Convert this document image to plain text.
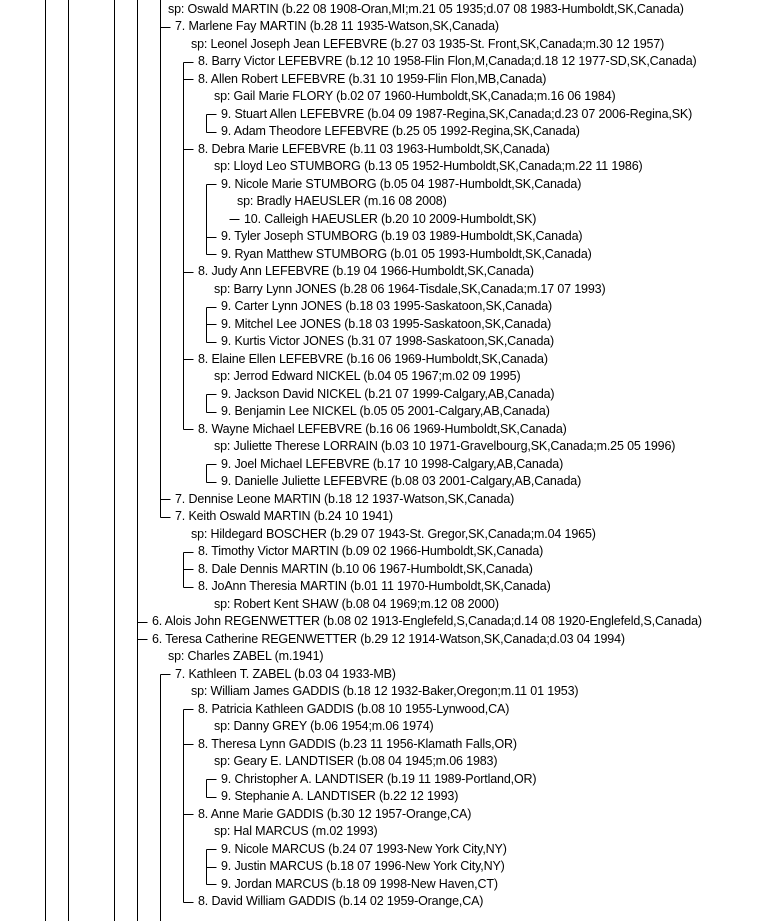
sp: Oswald MARTIN (b.22 08 1908-Oran,MI;m.21 05 1935;d.07 08 1983-Humboldt,SK,Canada)
7. Marlene Fay MARTIN (b.28 11 1935-Watson,SK,Canada)
sp: Leonel Joseph Jean LEFEBVRE (b.27 03 1935-St. Front,SK,Canada;m.30 12 1957)
8. Barry Victor LEFEBVRE (b.12 10 1958-Flin Flon,M,Canada;d.18 12 1977-SD,SK,Canada)
8. Allen Robert LEFEBVRE (b.31 10 1959-Flin Flon,MB,Canada)
sp: Gail Marie FLORY (b.02 07 1960-Humboldt,SK,Canada;m.16 06 1984)
9. Stuart Allen LEFEBVRE (b.04 09 1987-Regina,SK,Canada;d.23 07 2006-Regina,SK)
9. Adam Theodore LEFEBVRE (b.25 05 1992-Regina,SK,Canada)
8. Debra Marie LEFEBVRE (b.11 03 1963-Humboldt,SK,Canada)
sp: Lloyd Leo STUMBORG (b.13 05 1952-Humboldt,SK,Canada;m.22 11 1986)
9. Nicole Marie STUMBORG (b.05 04 1987-Humboldt,SK,Canada)
sp: Bradly HAEUSLER (m.16 08 2008)
10. Calleigh HAEUSLER (b.20 10 2009-Humboldt,SK)
9. Tyler Joseph STUMBORG (b.19 03 1989-Humboldt,SK,Canada)
9. Ryan Matthew STUMBORG (b.01 05 1993-Humboldt,SK,Canada)
8. Judy Ann LEFEBVRE (b.19 04 1966-Humboldt,SK,Canada)
sp: Barry Lynn JONES (b.28 06 1964-Tisdale,SK,Canada;m.17 07 1993)
9. Carter Lynn JONES (b.18 03 1995-Saskatoon,SK,Canada)
9. Mitchel Lee JONES (b.18 03 1995-Saskatoon,SK,Canada)
9. Kurtis Victor JONES (b.31 07 1998-Saskatoon,SK,Canada)
8. Elaine Ellen LEFEBVRE (b.16 06 1969-Humboldt,SK,Canada)
sp: Jerrod Edward NICKEL (b.04 05 1967;m.02 09 1995)
9. Jackson David NICKEL (b.21 07 1999-Calgary,AB,Canada)
9. Benjamin Lee NICKEL (b.05 05 2001-Calgary,AB,Canada)
8. Wayne Michael LEFEBVRE (b.16 06 1969-Humboldt,SK,Canada)
sp: Juliette Therese LORRAIN (b.03 10 1971-Gravelbourg,SK,Canada;m.25 05 1996)
9. Joel Michael LEFEBVRE (b.17 10 1998-Calgary,AB,Canada)
9. Danielle Juliette LEFEBVRE (b.08 03 2001-Calgary,AB,Canada)
7. Dennise Leone MARTIN (b.18 12 1937-Watson,SK,Canada)
7. Keith Oswald MARTIN (b.24 10 1941)
sp: Hildegard BOSCHER (b.29 07 1943-St. Gregor,SK,Canada;m.04 1965)
8. Timothy Victor MARTIN (b.09 02 1966-Humboldt,SK,Canada)
8. Dale Dennis MARTIN (b.10 06 1967-Humboldt,SK,Canada)
8. JoAnn Theresia MARTIN (b.01 11 1970-Humboldt,SK,Canada)
sp: Robert Kent SHAW (b.08 04 1969;m.12 08 2000)
6. Alois John REGENWETTER (b.08 02 1913-Englefeld,S,Canada;d.14 08 1920-Englefeld,S,Canada)
6. Teresa Catherine REGENWETTER (b.29 12 1914-Watson,SK,Canada;d.03 04 1994)
sp: Charles ZABEL (m.1941)
7. Kathleen T. ZABEL (b.03 04 1933-MB)
sp: William James GADDIS (b.18 12 1932-Baker,Oregon;m.11 01 1953)
8. Patricia Kathleen GADDIS (b.08 10 1955-Lynwood,CA)
sp: Danny GREY (b.06 1954;m.06 1974)
8. Theresa Lynn GADDIS (b.23 11 1956-Klamath Falls,OR)
sp: Geary E. LANDTISER (b.08 04 1945;m.06 1983)
9. Christopher A. LANDTISER (b.19 11 1989-Portland,OR)
9. Stephanie A. LANDTISER (b.22 12 1993)
8. Anne Marie GADDIS (b.30 12 1957-Orange,CA)
sp: Hal MARCUS (m.02 1993)
9. Nicole MARCUS (b.24 07 1993-New York City,NY)
9. Justin MARCUS (b.18 07 1996-New York City,NY)
9. Jordan MARCUS (b.18 09 1998-New Haven,CT)
8. David William GADDIS (b.14 02 1959-Orange,CA)
